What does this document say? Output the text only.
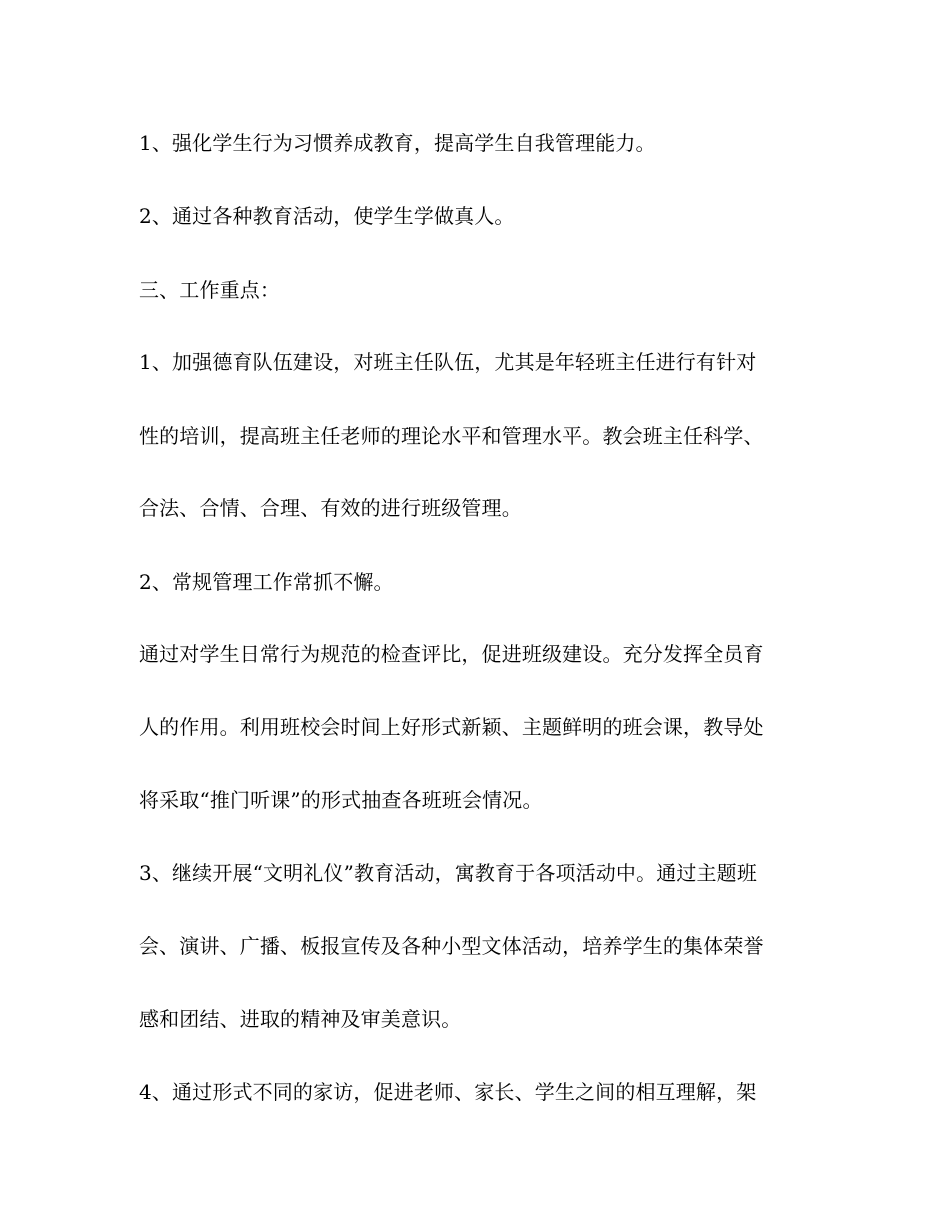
1、强化学生行为习惯养成教育，提高学生自我管理能力。
2、通过各种教育活动，使学生学做真人。
三、工作重点：
1、加强德育队伍建设，对班主任队伍，尤其是年轻班主任进行有针对
性的培训，提高班主任老师的理论水平和管理水平。教会班主任科学、
合法、合情、合理、有效的进行班级管理。
2、常规管理工作常抓不懈。
通过对学生日常行为规范的检查评比，促进班级建设。充分发挥全员育
人的作用。利用班校会时间上好形式新颖、主题鲜明的班会课，教导处
将采取“推门听课”的形式抽查各班班会情况。
3、继续开展“文明礼仪”教育活动，寓教育于各项活动中。通过主题班
会、演讲、广播、板报宣传及各种小型文体活动，培养学生的集体荣誉
感和团结、进取的精神及审美意识。
4、通过形式不同的家访，促进老师、家长、学生之间的相互理解，架
